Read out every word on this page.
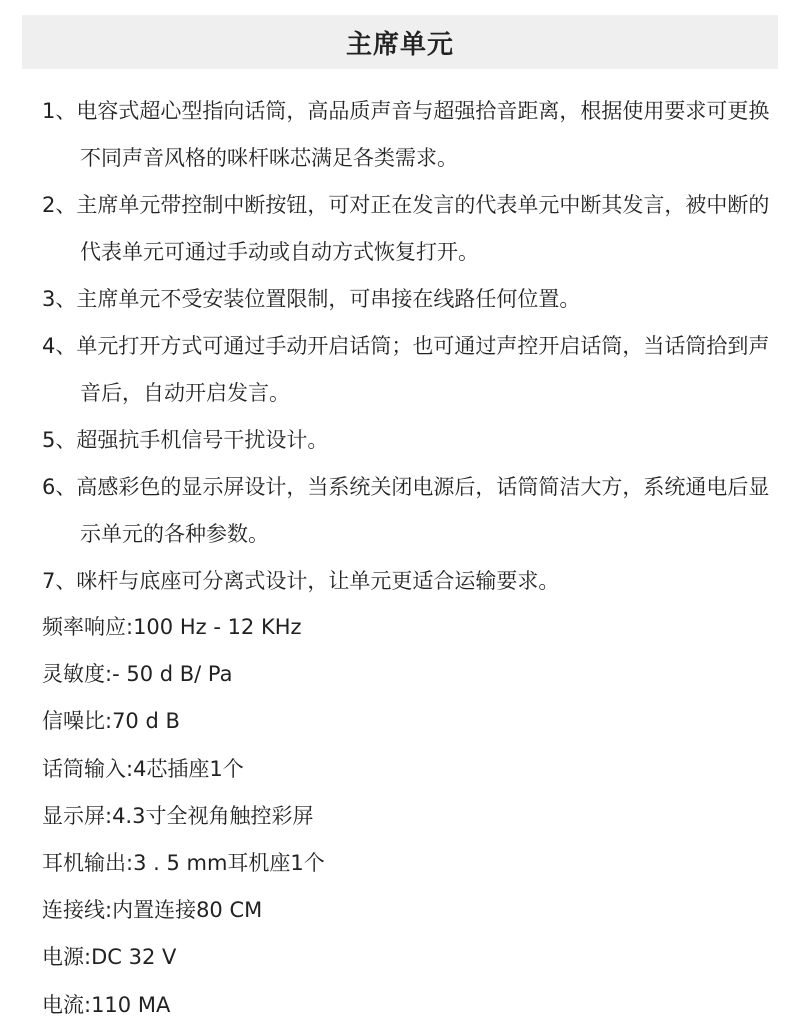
主席单元
1、电容式超心型指向话筒，高品质声音与超强拾音距离，根据使用要求可更换不同声音风格的咪杆咪芯满足各类需求。
2、主席单元带控制中断按钮，可对正在发言的代表单元中断其发言，被中断的代表单元可通过手动或自动方式恢复打开。
3、主席单元不受安装位置限制，可串接在线路任何位置。
4、单元打开方式可通过手动开启话筒；也可通过声控开启话筒，当话筒拾到声音后，自动开启发言。
5、超强抗手机信号干扰设计。
6、高感彩色的显示屏设计，当系统关闭电源后，话筒简洁大方，系统通电后显示单元的各种参数。
7、咪杆与底座可分离式设计，让单元更适合运输要求。
频率响应:100 Hz - 12 KHz
灵敏度:- 50 d B/ Pa
信噪比:70 d B
话筒输入:4芯插座1个
显示屏:4.3寸全视角触控彩屏
耳机输出:3 . 5 mm耳机座1个
连接线:内置连接80 CM
电源:DC 32 V
电流:110 MA
